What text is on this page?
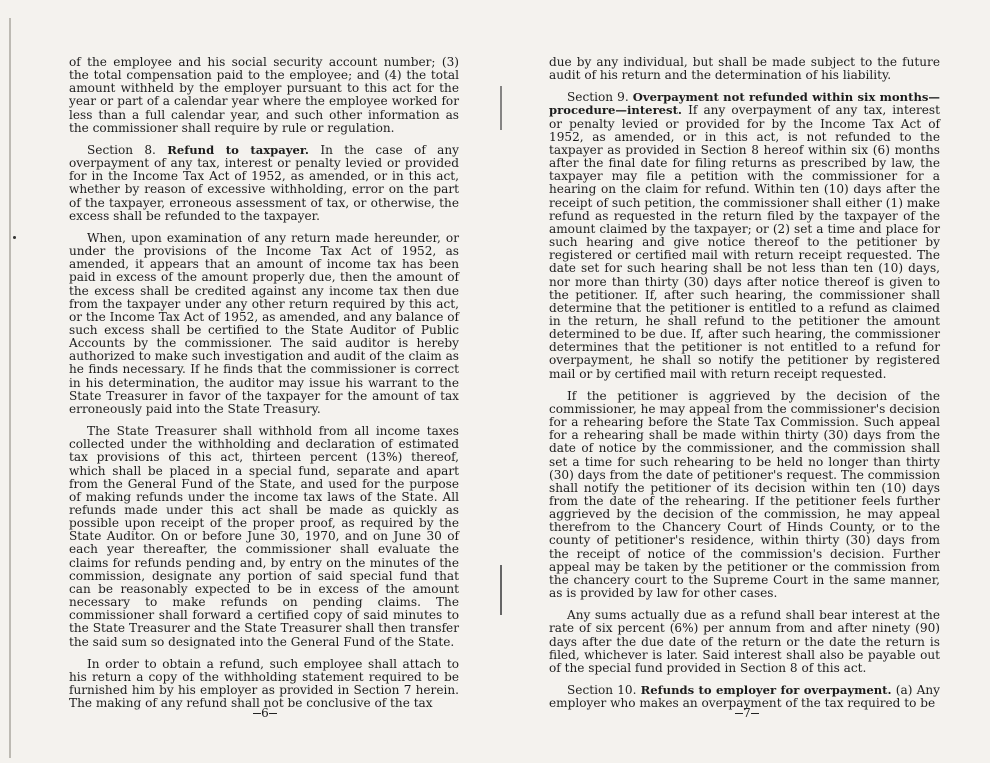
of the employee and his social security account number; (3) the total compensation paid to the employee; and (4) the total amount withheld by the employer pursuant to this act for the year or part of a calendar year where the employee worked for less than a full calendar year, and such other information as the commissioner shall require by rule or regulation.

Section 8. Refund to taxpayer. In the case of any overpayment of any tax, interest or penalty levied or provided for in the Income Tax Act of 1952, as amended, or in this act, whether by reason of excessive withholding, error on the part of the taxpayer, erroneous assessment of tax, or otherwise, the excess shall be refunded to the taxpayer.

When, upon examination of any return made hereunder, or under the provisions of the Income Tax Act of 1952, as amended, it appears that an amount of income tax has been paid in excess of the amount properly due, then the amount of the excess shall be credited against any income tax then due from the taxpayer under any other return required by this act, or the Income Tax Act of 1952, as amended, and any balance of such excess shall be certified to the State Auditor of Public Accounts by the commissioner. The said auditor is hereby authorized to make such investigation and audit of the claim as he finds necessary. If he finds that the commissioner is correct in his determination, the auditor may issue his warrant to the State Treasurer in favor of the taxpayer for the amount of tax erroneously paid into the State Treasury.

The State Treasurer shall withhold from all income taxes collected under the withholding and declaration of estimated tax provisions of this act, thirteen percent (13%) thereof, which shall be placed in a special fund, separate and apart from the General Fund of the State, and used for the purpose of making refunds under the income tax laws of the State. All refunds made under this act shall be made as quickly as possible upon receipt of the proper proof, as required by the State Auditor. On or before June 30, 1970, and on June 30 of each year thereafter, the commissioner shall evaluate the claims for refunds pending and, by entry on the minutes of the commission, designate any portion of said special fund that can be reasonably expected to be in excess of the amount necessary to make refunds on pending claims. The commissioner shall forward a certified copy of said minutes to the State Treasurer and the State Treasurer shall then transfer the said sum so designated into the General Fund of the State.

In order to obtain a refund, such employee shall attach to his return a copy of the withholding statement required to be furnished him by his employer as provided in Section 7 herein. The making of any refund shall not be conclusive of the tax

6

due by any individual, but shall be made subject to the future audit of his return and the determination of his liability.

Section 9. Overpayment not refunded within six months—procedure—interest. If any overpayment of any tax, interest or penalty levied or provided for by the Income Tax Act of 1952, as amended, or in this act, is not refunded to the taxpayer as provided in Section 8 hereof within six (6) months after the final date for filing returns as prescribed by law, the taxpayer may file a petition with the commissioner for a hearing on the claim for refund. Within ten (10) days after the receipt of such petition, the commissioner shall either (1) make refund as requested in the return filed by the taxpayer of the amount claimed by the taxpayer; or (2) set a time and place for such hearing and give notice thereof to the petitioner by registered or certified mail with return receipt requested. The date set for such hearing shall be not less than ten (10) days, nor more than thirty (30) days after notice thereof is given to the petitioner. If, after such hearing, the commissioner shall determine that the petitioner is entitled to a refund as claimed in the return, he shall refund to the petitioner the amount determined to be due. If, after such hearing, the commissioner determines that the petitioner is not entitled to a refund for overpayment, he shall so notify the petitioner by registered mail or by certified mail with return receipt requested.

If the petitioner is aggrieved by the decision of the commissioner, he may appeal from the commissioner's decision for a rehearing before the State Tax Commission. Such appeal for a rehearing shall be made within thirty (30) days from the date of notice by the commissioner, and the commission shall set a time for such rehearing to be held no longer than thirty (30) days from the date of petitioner's request. The commission shall notify the petitioner of its decision within ten (10) days from the date of the rehearing. If the petitioner feels further aggrieved by the decision of the commission, he may appeal therefrom to the Chancery Court of Hinds County, or to the county of petitioner's residence, within thirty (30) days from the receipt of notice of the commission's decision. Further appeal may be taken by the petitioner or the commission from the chancery court to the Supreme Court in the same manner, as is provided by law for other cases.

Any sums actually due as a refund shall bear interest at the rate of six percent (6%) per annum from and after ninety (90) days after the due date of the return or the date the return is filed, whichever is later. Said interest shall also be payable out of the special fund provided in Section 8 of this act.

Section 10. Refunds to employer for overpayment. (a) Any employer who makes an overpayment of the tax required to be

7
